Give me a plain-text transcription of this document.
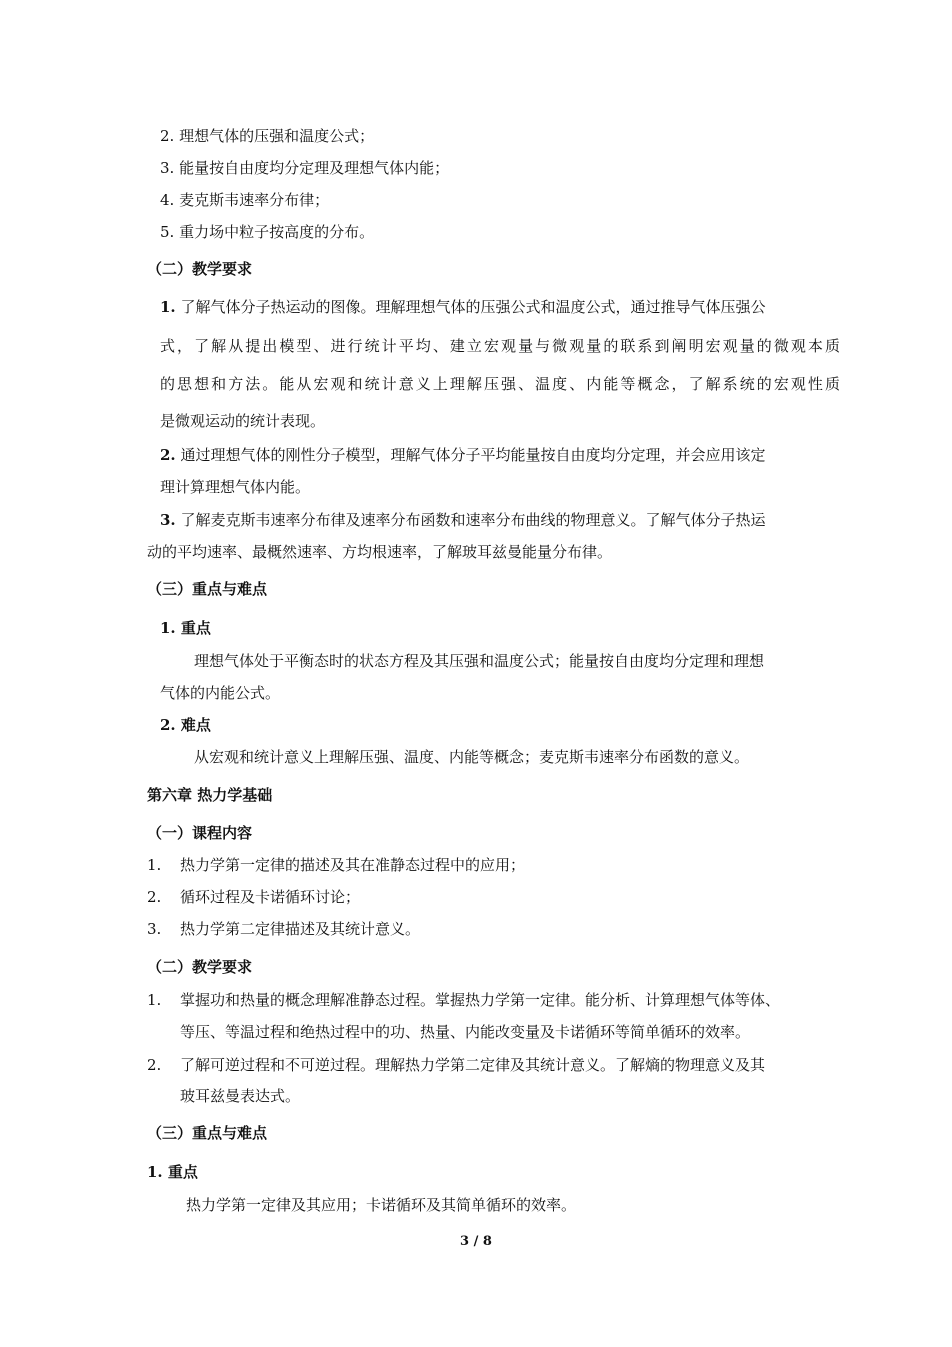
2. 理想气体的压强和温度公式；
3. 能量按自由度均分定理及理想气体内能；
4. 麦克斯韦速率分布律；
5. 重力场中粒子按高度的分布。
（二）教学要求
1. 了解气体分子热运动的图像。理解理想气体的压强公式和温度公式，通过推导气体压强公
式，了解从提出模型、进行统计平均、建立宏观量与微观量的联系到阐明宏观量的微观本质
的思想和方法。能从宏观和统计意义上理解压强、温度、内能等概念，了解系统的宏观性质
是微观运动的统计表现。
2. 通过理想气体的刚性分子模型，理解气体分子平均能量按自由度均分定理，并会应用该定
理计算理想气体内能。
3. 了解麦克斯韦速率分布律及速率分布函数和速率分布曲线的物理意义。了解气体分子热运
动的平均速率、最概然速率、方均根速率，了解玻耳兹曼能量分布律。
（三）重点与难点
1. 重点
理想气体处于平衡态时的状态方程及其压强和温度公式；能量按自由度均分定理和理想
气体的内能公式。
2. 难点
从宏观和统计意义上理解压强、温度、内能等概念；麦克斯韦速率分布函数的意义。
第六章 热力学基础
（一）课程内容
1. 热力学第一定律的描述及其在准静态过程中的应用；
2. 循环过程及卡诺循环讨论；
3. 热力学第二定律描述及其统计意义。
（二）教学要求
1. 掌握功和热量的概念理解准静态过程。掌握热力学第一定律。能分析、计算理想气体等体、
等压、等温过程和绝热过程中的功、热量、内能改变量及卡诺循环等简单循环的效率。
2. 了解可逆过程和不可逆过程。理解热力学第二定律及其统计意义。了解熵的物理意义及其
玻耳兹曼表达式。
（三）重点与难点
1. 重点
热力学第一定律及其应用；卡诺循环及其简单循环的效率。
3 / 8
